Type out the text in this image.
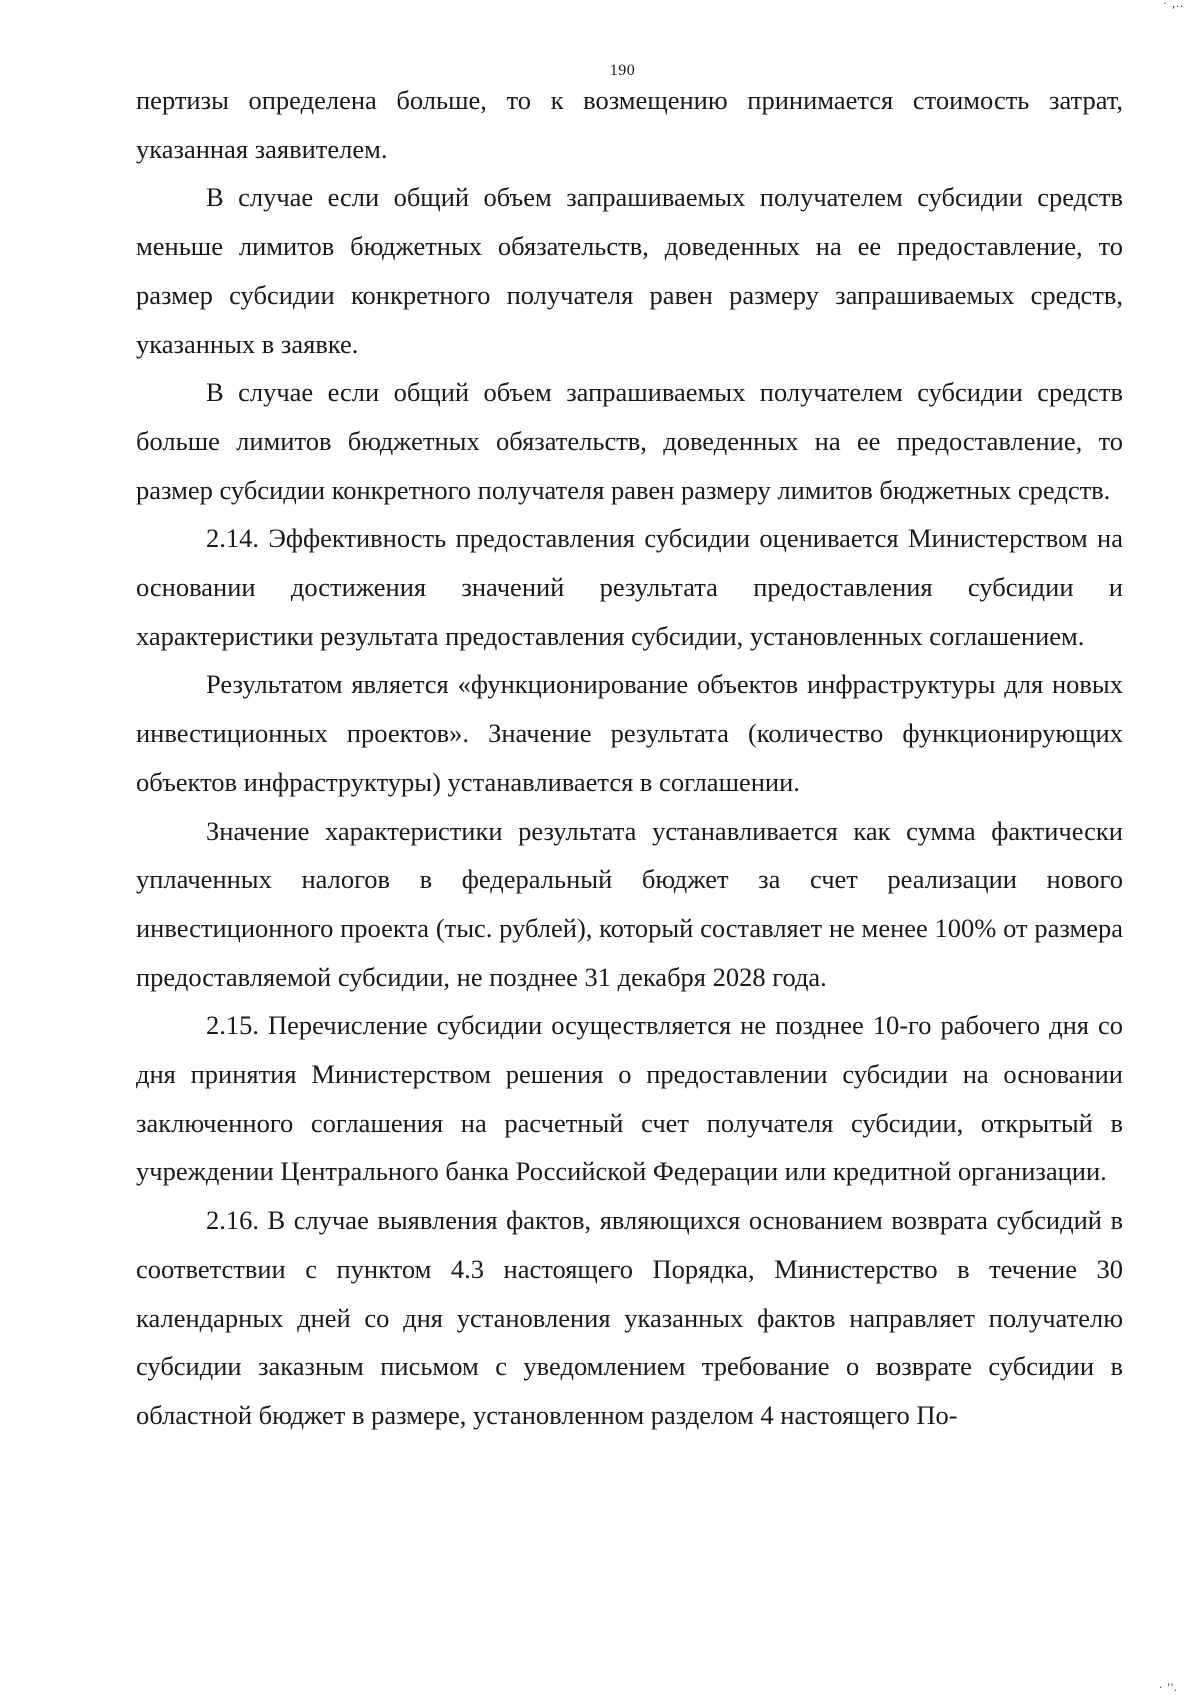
· ,..
190

пертизы определена больше, то к возмещению принимается стоимость затрат, указанная заявителем.

В случае если общий объем запрашиваемых получателем субсидии средств меньше лимитов бюджетных обязательств, доведенных на ее предоставление, то размер субсидии конкретного получателя равен размеру запрашиваемых средств, указанных в заявке.

В случае если общий объем запрашиваемых получателем субсидии средств больше лимитов бюджетных обязательств, доведенных на ее предоставление, то размер субсидии конкретного получателя равен размеру лимитов бюджетных средств.

2.14. Эффективность предоставления субсидии оценивается Министерством на основании достижения значений результата предоставления субсидии и характеристики результата предоставления субсидии, установленных соглашением.

Результатом является «функционирование объектов инфраструктуры для новых инвестиционных проектов». Значение результата (количество функционирующих объектов инфраструктуры) устанавливается в соглашении.

Значение характеристики результата устанавливается как сумма фактически уплаченных налогов в федеральный бюджет за счет реализации нового инвестиционного проекта (тыс. рублей), который составляет не менее 100% от размера предоставляемой субсидии, не позднее 31 декабря 2028 года.

2.15. Перечисление субсидии осуществляется не позднее 10-го рабочего дня со дня принятия Министерством решения о предоставлении субсидии на основании заключенного соглашения на расчетный счет получателя субсидии, открытый в учреждении Центрального банка Российской Федерации или кредитной организации.

2.16. В случае выявления фактов, являющихся основанием возврата субсидий в соответствии с пунктом 4.3 настоящего Порядка, Министерство в течение 30 календарных дней со дня установления указанных фактов направляет получателю субсидии заказным письмом с уведомлением требование о возврате субсидии в областной бюджет в размере, установленном разделом 4 настоящего По-

· ''.
